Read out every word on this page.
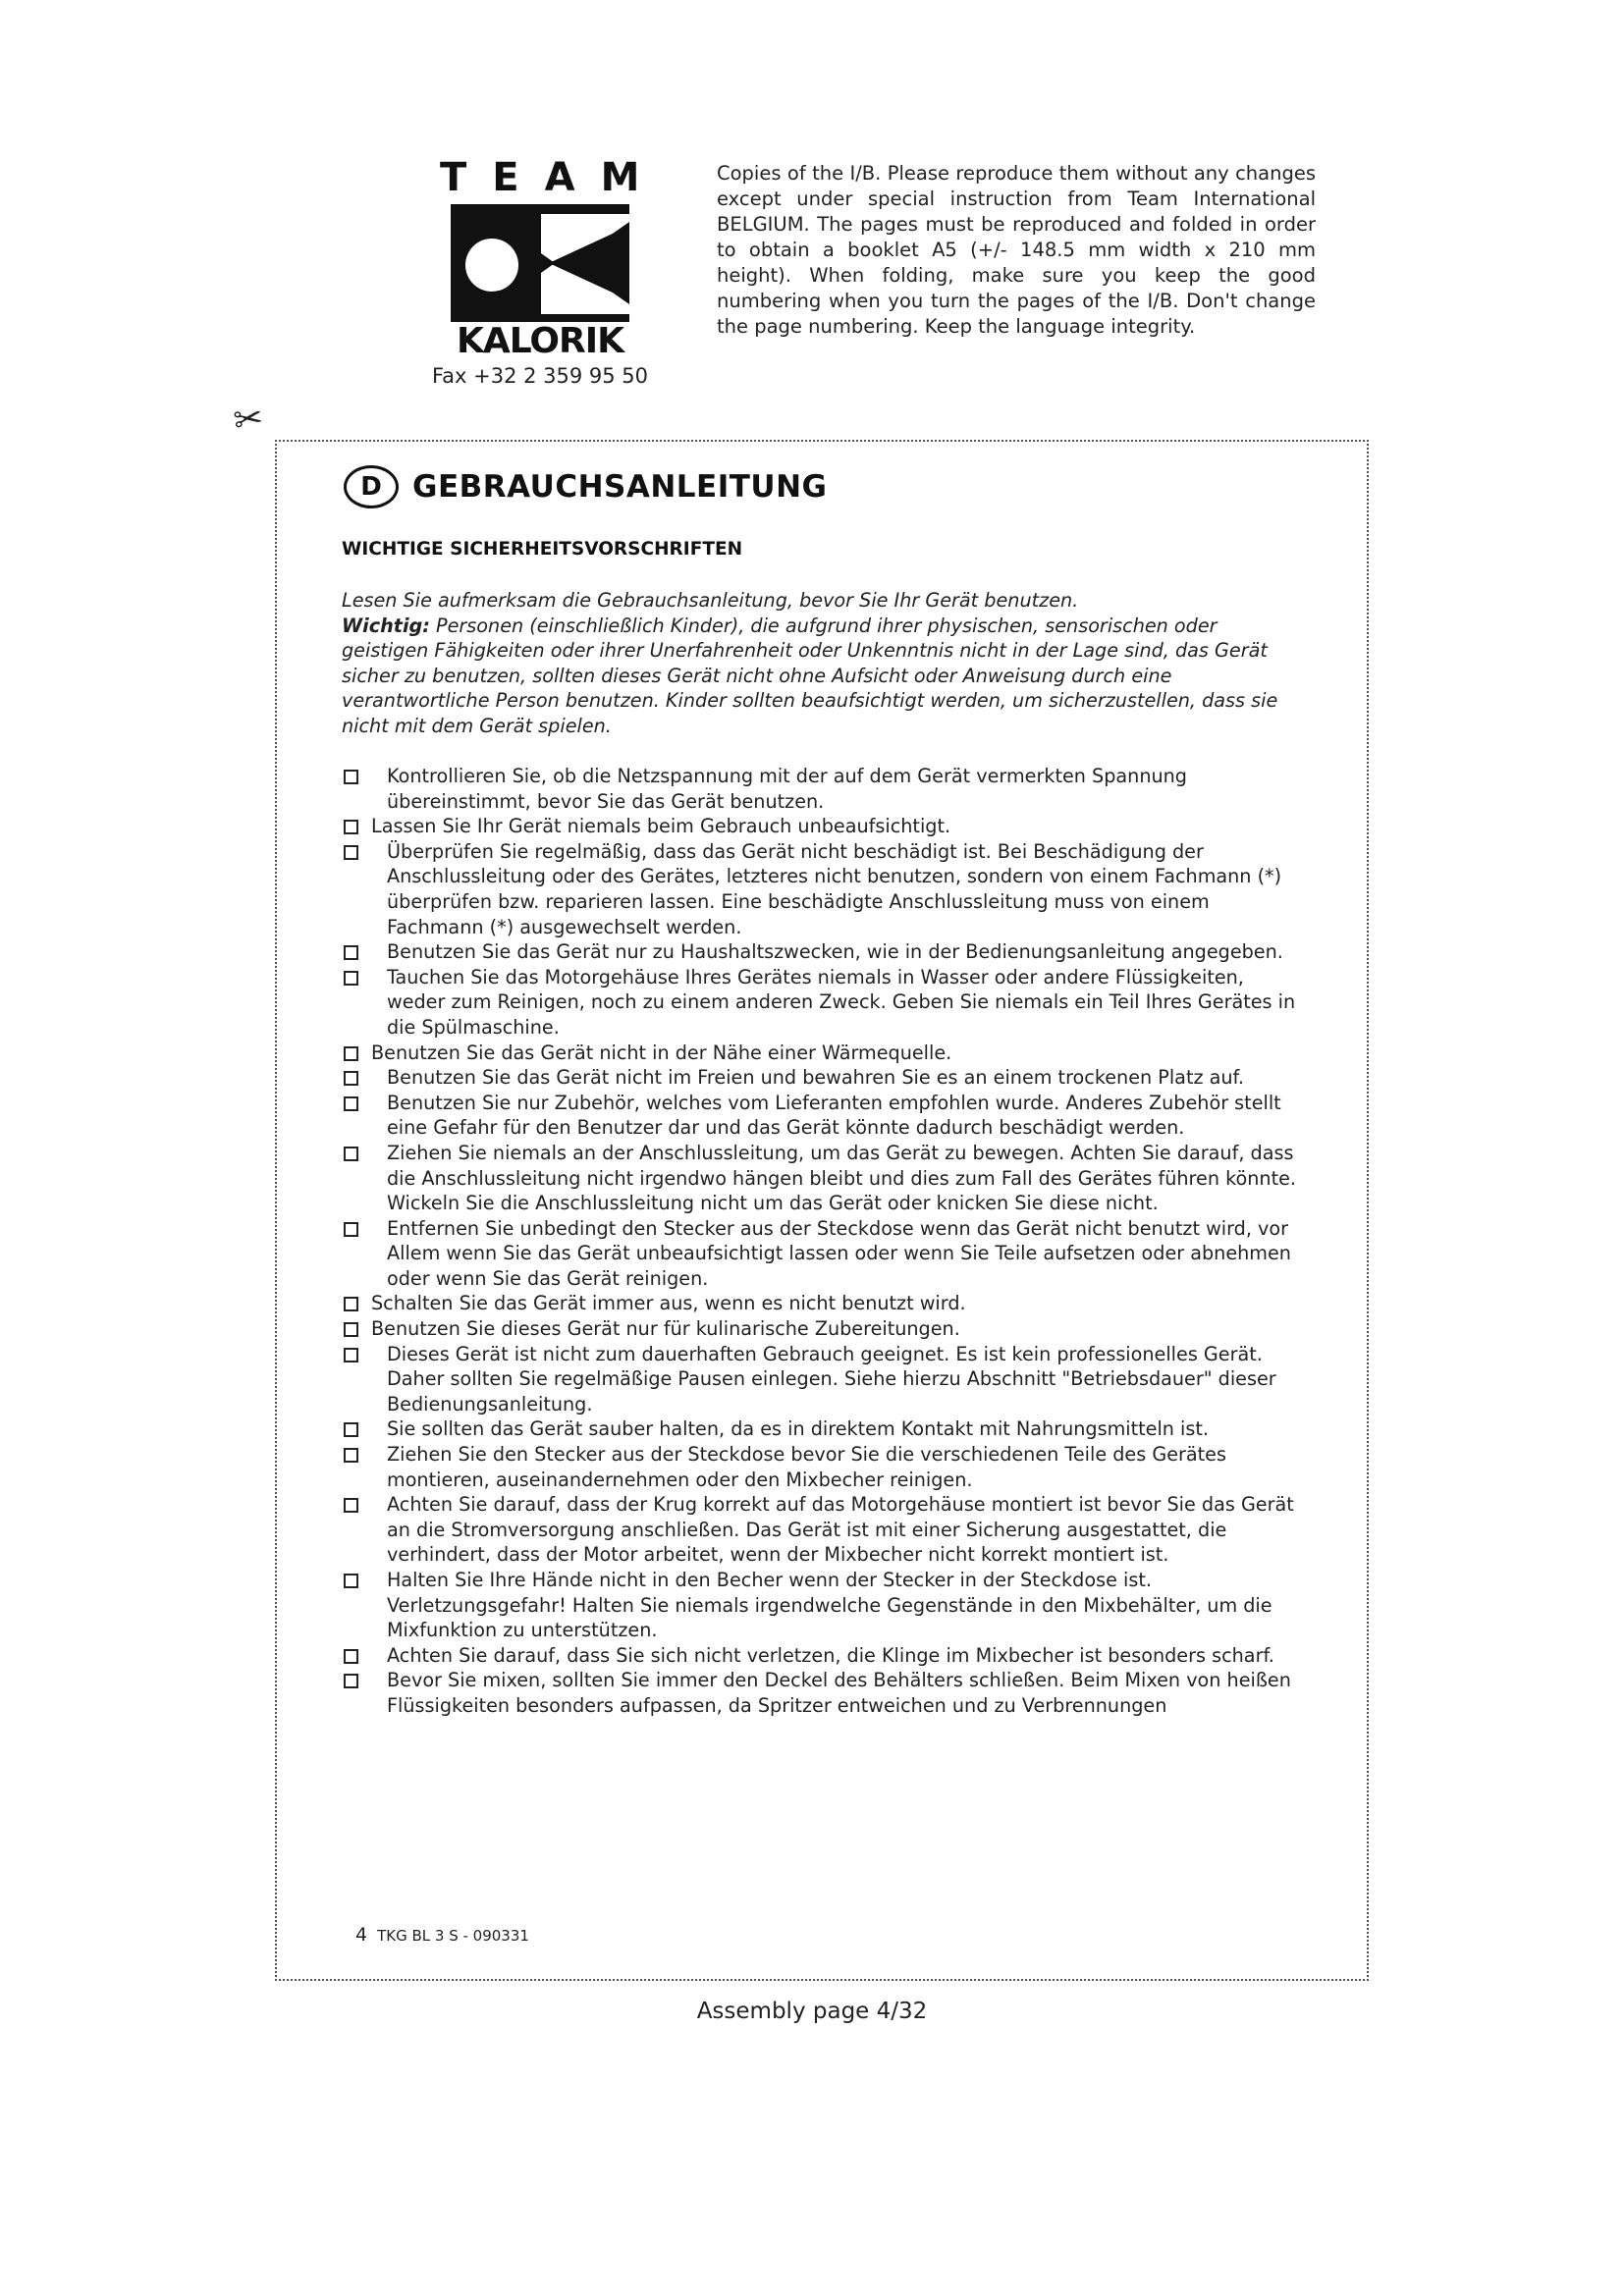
TEAM
KALORIK
Fax +32 2 359 95 50
Copies of the I/B. Please reproduce them without any changes except under special instruction from Team International BELGIUM. The pages must be reproduced and folded in order to obtain a booklet A5 (+/- 148.5 mm width x 210 mm height). When folding, make sure you keep the good numbering when you turn the pages of the I/B. Don't change the page numbering. Keep the language integrity.
✂
D	GEBRAUCHSANLEITUNG
WICHTIGE SICHERHEITSVORSCHRIFTEN

Lesen Sie aufmerksam die Gebrauchsanleitung, bevor Sie Ihr Gerät benutzen.

Wichtig: Personen (einschließlich Kinder), die aufgrund ihrer physischen, sensorischen oder geistigen Fähigkeiten oder ihrer Unerfahrenheit oder Unkenntnis nicht in der Lage sind, das Gerät sicher zu benutzen, sollten dieses Gerät nicht ohne Aufsicht oder Anweisung durch eine verantwortliche Person benutzen. Kinder sollten beaufsichtigt werden, um sicherzustellen, dass sie nicht mit dem Gerät spielen.

Kontrollieren Sie, ob die Netzspannung mit der auf dem Gerät vermerkten Spannung übereinstimmt, bevor Sie das Gerät benutzen.
Lassen Sie Ihr Gerät niemals beim Gebrauch unbeaufsichtigt.
Überprüfen Sie regelmäßig, dass das Gerät nicht beschädigt ist. Bei Beschädigung der Anschlussleitung oder des Gerätes, letzteres nicht benutzen, sondern von einem Fachmann (*) überprüfen bzw. reparieren lassen. Eine beschädigte Anschlussleitung muss von einem Fachmann (*) ausgewechselt werden.
Benutzen Sie das Gerät nur zu Haushaltszwecken, wie in der Bedienungsanleitung angegeben.
Tauchen Sie das Motorgehäuse Ihres Gerätes niemals in Wasser oder andere Flüssigkeiten, weder zum Reinigen, noch zu einem anderen Zweck. Geben Sie niemals ein Teil Ihres Gerätes in die Spülmaschine.
Benutzen Sie das Gerät nicht in der Nähe einer Wärmequelle.
Benutzen Sie das Gerät nicht im Freien und bewahren Sie es an einem trockenen Platz auf.
Benutzen Sie nur Zubehör, welches vom Lieferanten empfohlen wurde. Anderes Zubehör stellt eine Gefahr für den Benutzer dar und das Gerät könnte dadurch beschädigt werden.
Ziehen Sie niemals an der Anschlussleitung, um das Gerät zu bewegen. Achten Sie darauf, dass die Anschlussleitung nicht irgendwo hängen bleibt und dies zum Fall des Gerätes führen könnte. Wickeln Sie die Anschlussleitung nicht um das Gerät oder knicken Sie diese nicht.
Entfernen Sie unbedingt den Stecker aus der Steckdose wenn das Gerät nicht benutzt wird, vor Allem wenn Sie das Gerät unbeaufsichtigt lassen oder wenn Sie Teile aufsetzen oder abnehmen oder wenn Sie das Gerät reinigen.
Schalten Sie das Gerät immer aus, wenn es nicht benutzt wird.
Benutzen Sie dieses Gerät nur für kulinarische Zubereitungen.
Dieses Gerät ist nicht zum dauerhaften Gebrauch geeignet. Es ist kein professionelles Gerät. Daher sollten Sie regelmäßige Pausen einlegen. Siehe hierzu Abschnitt "Betriebsdauer" dieser Bedienungsanleitung.
Sie sollten das Gerät sauber halten, da es in direktem Kontakt mit Nahrungsmitteln ist.
Ziehen Sie den Stecker aus der Steckdose bevor Sie die verschiedenen Teile des Gerätes montieren, auseinandernehmen oder den Mixbecher reinigen.
Achten Sie darauf, dass der Krug korrekt auf das Motorgehäuse montiert ist bevor Sie das Gerät an die Stromversorgung anschließen. Das Gerät ist mit einer Sicherung ausgestattet, die verhindert, dass der Motor arbeitet, wenn der Mixbecher nicht korrekt montiert ist.
Halten Sie Ihre Hände nicht in den Becher wenn der Stecker in der Steckdose ist. Verletzungsgefahr! Halten Sie niemals irgendwelche Gegenstände in den Mixbehälter, um die Mixfunktion zu unterstützen.
Achten Sie darauf, dass Sie sich nicht verletzen, die Klinge im Mixbecher ist besonders scharf.
Bevor Sie mixen, sollten Sie immer den Deckel des Behälters schließen. Beim Mixen von heißen Flüssigkeiten besonders aufpassen, da Spritzer entweichen und zu Verbrennungen
4 TKG BL 3 S - 090331
Assembly page 4/32
